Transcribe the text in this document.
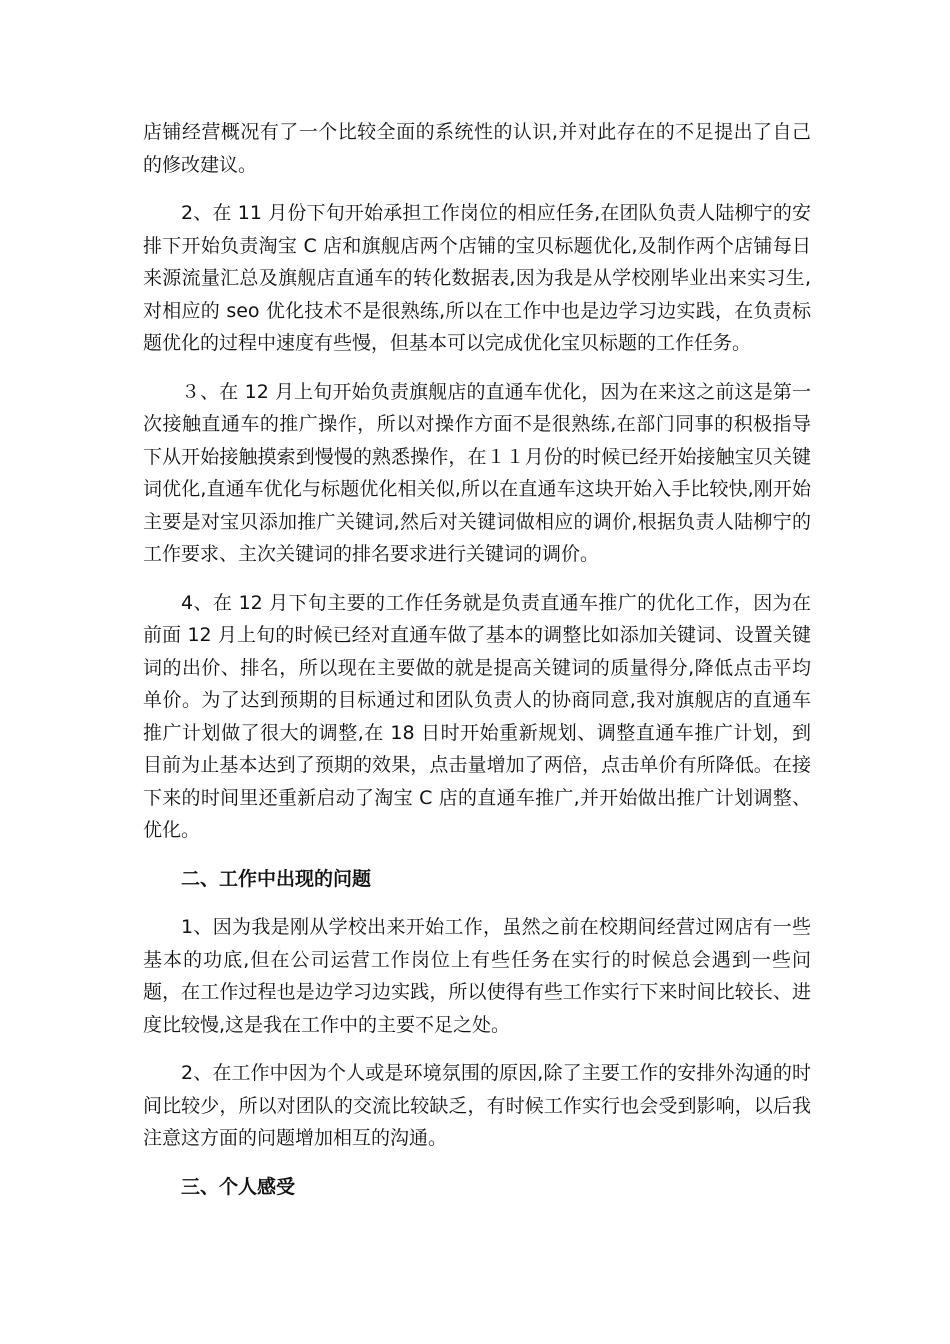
店铺经营概况有了一个比较全面的系统性的认识,并对此存在的不足提出了自己的修改建议。

2、在 11 月份下旬开始承担工作岗位的相应任务,在团队负责人陆柳宁的安排下开始负责淘宝 C 店和旗舰店两个店铺的宝贝标题优化,及制作两个店铺每日来源流量汇总及旗舰店直通车的转化数据表,因为我是从学校刚毕业出来实习生,对相应的 seo 优化技术不是很熟练,所以在工作中也是边学习边实践，在负责标题优化的过程中速度有些慢，但基本可以完成优化宝贝标题的工作任务。

３、在 12 月上旬开始负责旗舰店的直通车优化，因为在来这之前这是第一次接触直通车的推广操作，所以对操作方面不是很熟练,在部门同事的积极指导下从开始接触摸索到慢慢的熟悉操作，在１１月份的时候已经开始接触宝贝关键词优化,直通车优化与标题优化相关似,所以在直通车这块开始入手比较快,刚开始主要是对宝贝添加推广关键词,然后对关键词做相应的调价,根据负责人陆柳宁的工作要求、主次关键词的排名要求进行关键词的调价。

4、在 12 月下旬主要的工作任务就是负责直通车推广的优化工作，因为在前面 12 月上旬的时候已经对直通车做了基本的调整比如添加关键词、设置关键词的出价、排名，所以现在主要做的就是提高关键词的质量得分,降低点击平均单价。为了达到预期的目标通过和团队负责人的协商同意,我对旗舰店的直通车推广计划做了很大的调整,在 18 日时开始重新规划、调整直通车推广计划，到目前为止基本达到了预期的效果，点击量增加了两倍，点击单价有所降低。在接下来的时间里还重新启动了淘宝 C 店的直通车推广,并开始做出推广计划调整、优化。

二、工作中出现的问题

1、因为我是刚从学校出来开始工作，虽然之前在校期间经营过网店有一些基本的功底,但在公司运营工作岗位上有些任务在实行的时候总会遇到一些问题，在工作过程也是边学习边实践，所以使得有些工作实行下来时间比较长、进度比较慢,这是我在工作中的主要不足之处。

2、在工作中因为个人或是环境氛围的原因,除了主要工作的安排外沟通的时间比较少，所以对团队的交流比较缺乏，有时候工作实行也会受到影响，以后我注意这方面的问题增加相互的沟通。

三、个人感受
